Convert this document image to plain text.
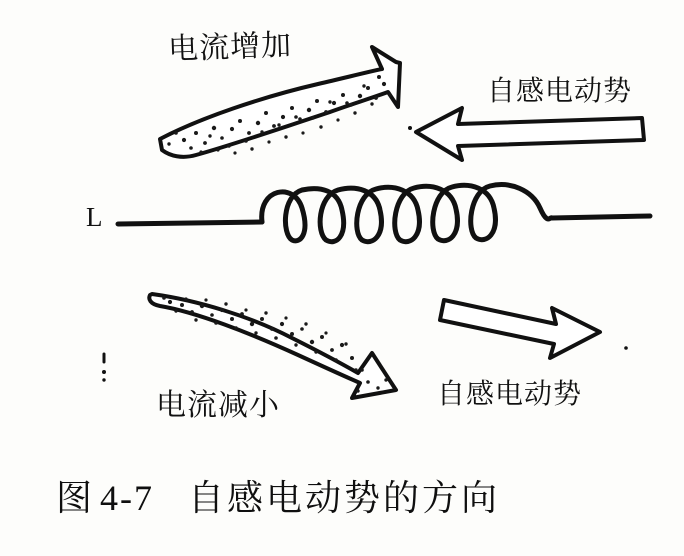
电流增加
自感电动势
L
电流减小	自感电动势
图 4-7 自感电动势的方向
